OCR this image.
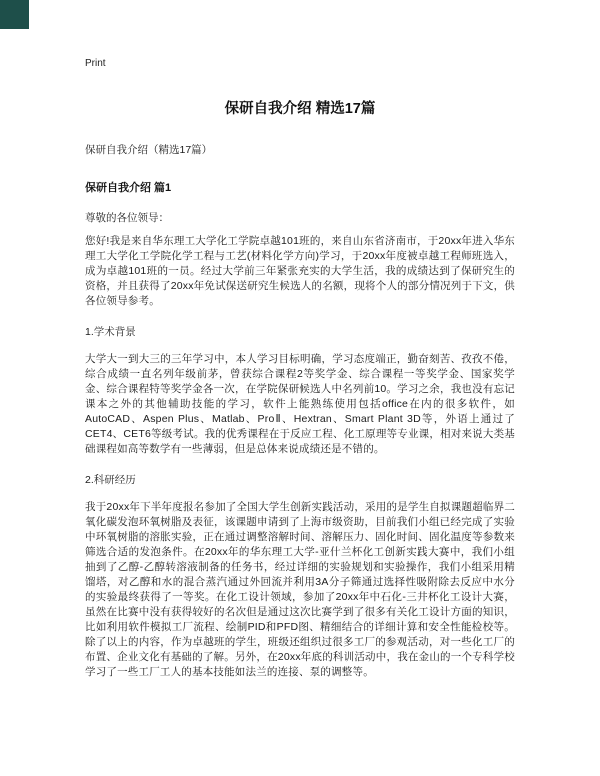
Print
保研自我介绍 精选17篇

保研自我介绍（精选17篇）

保研自我介绍 篇1

尊敬的各位领导：

您好!我是来自华东理工大学化工学院卓越101班的，来自山东省济南市，于20xx年进入华东理工大学化工学院化学工程与工艺(材料化学方向)学习，于20xx年度被卓越工程师班选入，成为卓越101班的一员。经过大学前三年紧张充实的大学生活，我的成绩达到了保研究生的资格，并且获得了20xx年免试保送研究生候选人的名额，现将个人的部分情况列于下文，供各位领导参考。

1.学术背景

大学大一到大三的三年学习中，本人学习目标明确，学习态度端正，勤奋刻苦、孜孜不倦，综合成绩一直名列年级前茅，曾获综合课程2等奖学金、综合课程一等奖学金、国家奖学金、综合课程特等奖学金各一次，在学院保研候选人中名列前10。学习之余，我也没有忘记课本之外的其他辅助技能的学习，软件上能熟练使用包括office在内的很多软件，如AutoCAD、Aspen Plus、Matlab、ProⅡ、Hextran、Smart Plant 3D等，外语上通过了CET4、CET6等级考试。我的优秀课程在于反应工程、化工原理等专业课，相对来说大类基础课程如高等数学有一些薄弱，但是总体来说成绩还是不错的。

2.科研经历

我于20xx年下半年度报名参加了全国大学生创新实践活动，采用的是学生自拟课题超临界二氧化碳发泡环氧树脂及表征，该课题申请到了上海市级资助，目前我们小组已经完成了实验中环氧树脂的溶胀实验，正在通过调整溶解时间、溶解压力、固化时间、固化温度等参数来筛选合适的发泡条件。在20xx年的华东理工大学-亚什兰杯化工创新实践大赛中，我们小组抽到了乙醇-乙醇转溶液制备的任务书，经过详细的实验规划和实验操作，我们小组采用精馏塔，对乙醇和水的混合蒸汽通过外回流并利用3A分子筛通过选择性吸附除去反应中水分的实验最终获得了一等奖。在化工设计领域，参加了20xx年中石化-三井杯化工设计大赛，虽然在比赛中没有获得较好的名次但是通过这次比赛学到了很多有关化工设计方面的知识，比如利用软件模拟工厂流程、绘制PID和PFD图、精细结合的详细计算和安全性能检校等。除了以上的内容，作为卓越班的学生，班级还组织过很多工厂的参观活动，对一些化工厂的布置、企业文化有基础的了解。另外，在20xx年底的科训活动中，我在金山的一个专科学校学习了一些工厂工人的基本技能如法兰的连接、泵的调整等。
